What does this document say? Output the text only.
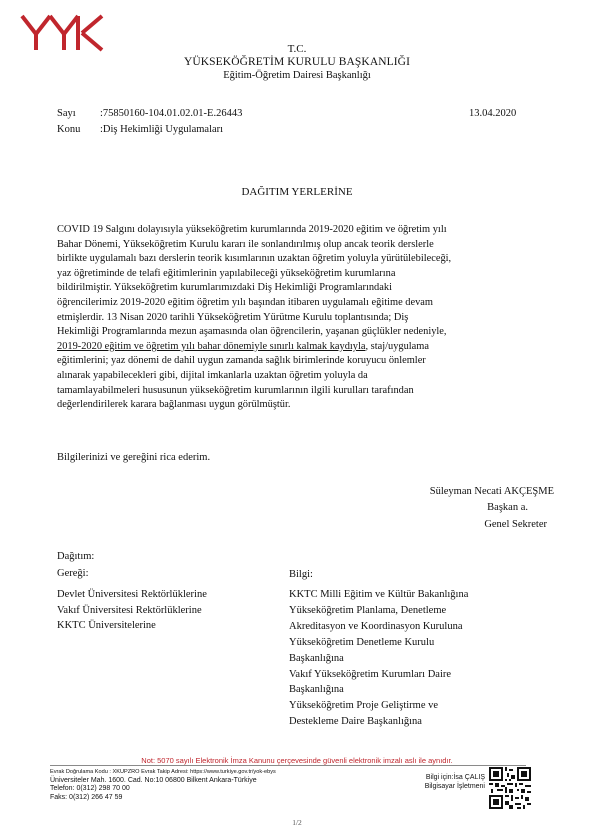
T.C.
YÜKSEKÖĞRETİM KURULU BAŞKANLIĞI
Eğitim-Öğretim Dairesi Başkanlığı
Sayı :75850160-104.01.02.01-E.26443	13.04.2020
Konu :Diş Hekimliği Uygulamaları
DAĞITIM YERLERİNE
COVID 19 Salgını dolayısıyla yükseköğretim kurumlarında 2019-2020 eğitim ve öğretim yılı
Bahar Dönemi, Yükseköğretim Kurulu kararı ile sonlandırılmış olup ancak teorik derslerle
birlikte uygulamalı bazı derslerin teorik kısımlarının uzaktan öğretim yoluyla yürütülebileceği,
yaz öğretiminde de telafi eğitimlerinin yapılabileceği yükseköğretim kurumlarına
bildirilmiştir. Yükseköğretim kurumlarımızdaki Diş Hekimliği Programlarındaki
öğrencilerimiz 2019-2020 eğitim öğretim yılı başından itibaren uygulamalı eğitime devam
etmişlerdir. 13 Nisan 2020 tarihli Yükseköğretim Yürütme Kurulu toplantısında; Diş
Hekimliği Programlarında mezun aşamasında olan öğrencilerin, yaşanan güçlükler nedeniyle,
2019-2020 eğitim ve öğretim yılı bahar dönemiyle sınırlı kalmak kaydıyla, staj/uygulama
eğitimlerini; yaz dönemi de dahil uygun zamanda sağlık birimlerinde koruyucu önlemler
alınarak yapabilecekleri gibi, dijital imkanlarla uzaktan öğretim yoluyla da
tamamlayabilmeleri hususunun yükseköğretim kurumlarının ilgili kurulları tarafından
değerlendirilerek karara bağlanması uygun görülmüştür.
Bilgilerinizi ve gereğini rica ederim.
Süleyman Necati AKÇEŞME
Başkan a.
Genel Sekreter
Dağıtım:
Gereği:
Devlet Üniversitesi Rektörlüklerine
Vakıf Üniversitesi Rektörlüklerine
KKTC Üniversitelerine
Bilgi:
KKTC Milli Eğitim ve Kültür Bakanlığına
Yükseköğretim Planlama, Denetleme
Akreditasyon ve Koordinasyon Kuruluna
Yükseköğretim Denetleme Kurulu
Başkanlığına
Vakıf Yükseköğretim Kurumları Daire
Başkanlığına
Yükseköğretim Proje Geliştirme ve
Destekleme Daire Başkanlığına
Not: 5070 sayılı Elektronik İmza Kanunu çerçevesinde güvenli elektronik imzalı aslı ile aynıdır.
Evrak Doğrulama Kodu : XKUPZRO Evrak Takip Adresi: https://www.turkiye.gov.tr/yok-ebys
Üniversiteler Mah. 1600. Cad. No:10 06800 Bilkent Ankara-Türkiye
Telefon: 0(312) 298 70 00
Faks: 0(312) 266 47 59
Bilgi için:İsa ÇALIŞ
Bilgisayar İşletmeni
1/2
